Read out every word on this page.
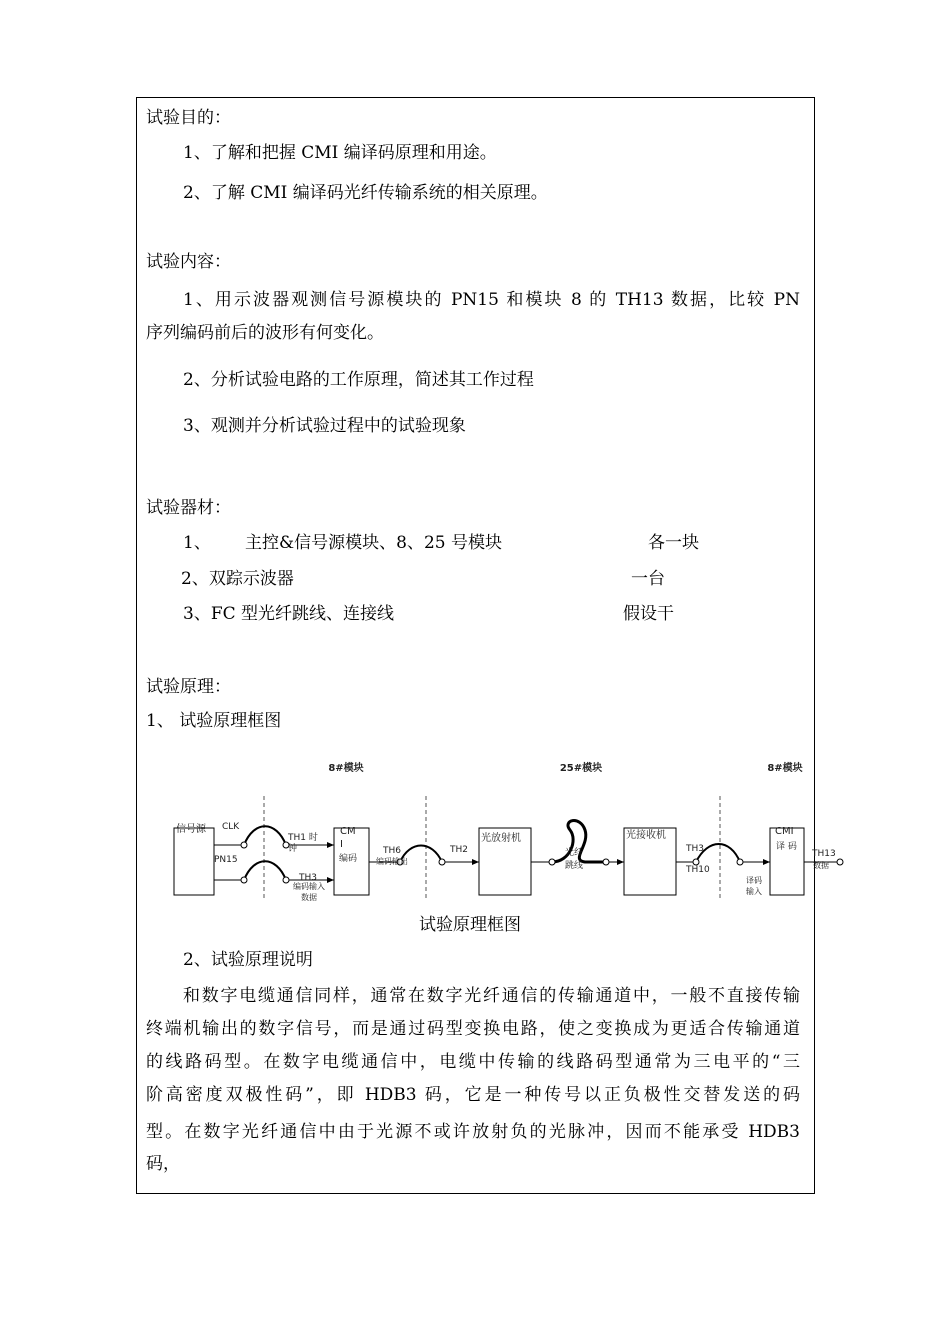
试验目的：
1、了解和把握 CMI 编译码原理和用途。
2、了解 CMI 编译码光纤传输系统的相关原理。
试验内容：
1、用示波器观测信号源模块的 PN15 和模块 8 的 TH13 数据，比较 PN
序列编码前后的波形有何变化。
2、分析试验电路的工作原理，简述其工作过程
3、观测并分析试验过程中的试验现象
试验器材：
1、 主控&信号源模块、8、25 号模块	各一块
2、双踪示波器	一台
3、FC 型光纤跳线、连接线	假设干
试验原理：
1、 试验原理框图
8#模块	25#模块	8#模块
信号源 CLK
PN15
TH1 时
钟
TH3
编码输入
数据
CM
I
编码
TH6
编码输出
TH2
光放射机
光纤
跳线
光接收机
TH3
TH10
译码
输入
CMI
译 码
TH13
数据
试验原理框图
2、试验原理说明
和数字电缆通信同样，通常在数字光纤通信的传输通道中，一般不直接传输
终端机输出的数字信号，而是通过码型变换电路，使之变换成为更适合传输通道
的线路码型。在数字电缆通信中，电缆中传输的线路码型通常为三电平的“三
阶高密度双极性码”，即 HDB3 码，它是一种传号以正负极性交替发送的码
型。在数字光纤通信中由于光源不或许放射负的光脉冲，因而不能承受 HDB3
码，
